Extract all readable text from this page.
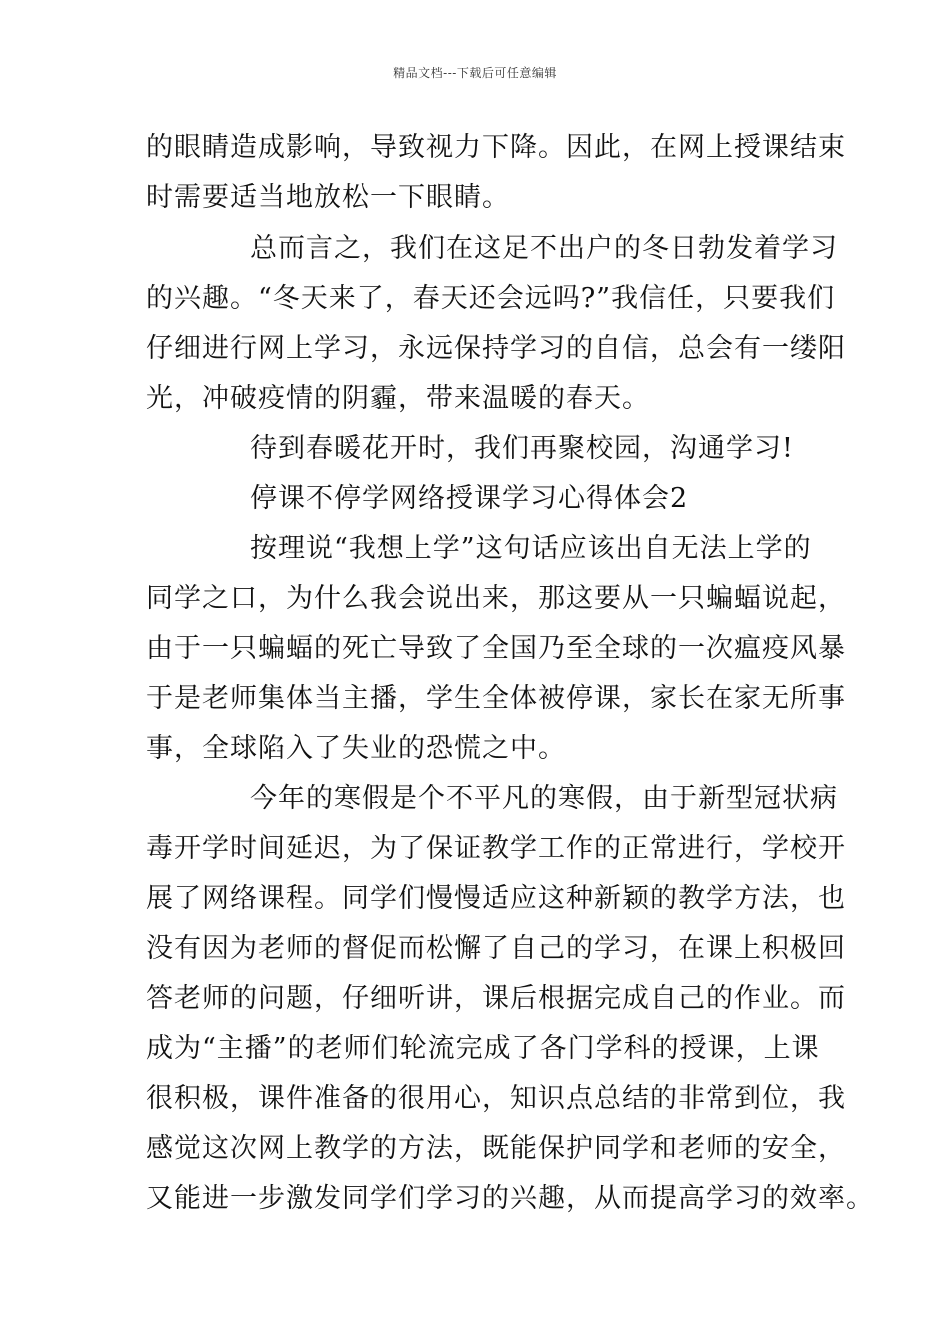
精品文档---下载后可任意编辑
的眼睛造成影响，导致视力下降。因此，在网上授课结束
时需要适当地放松一下眼睛。
总而言之，我们在这足不出户的冬日勃发着学习
的兴趣。“冬天来了，春天还会远吗?”我信任，只要我们
仔细进行网上学习，永远保持学习的自信，总会有一缕阳
光，冲破疫情的阴霾，带来温暖的春天。
待到春暖花开时，我们再聚校园，沟通学习!
停课不停学网络授课学习心得体会2
按理说“我想上学”这句话应该出自无法上学的
同学之口，为什么我会说出来，那这要从一只蝙蝠说起，
由于一只蝙蝠的死亡导致了全国乃至全球的一次瘟疫风暴
于是老师集体当主播，学生全体被停课，家长在家无所事
事，全球陷入了失业的恐慌之中。
今年的寒假是个不平凡的寒假，由于新型冠状病
毒开学时间延迟，为了保证教学工作的正常进行，学校开
展了网络课程。同学们慢慢适应这种新颖的教学方法，也
没有因为老师的督促而松懈了自己的学习，在课上积极回
答老师的问题，仔细听讲，课后根据完成自己的作业。而
成为“主播”的老师们轮流完成了各门学科的授课，上课
很积极，课件准备的很用心，知识点总结的非常到位，我
感觉这次网上教学的方法，既能保护同学和老师的安全，
又能进一步激发同学们学习的兴趣，从而提高学习的效率。
